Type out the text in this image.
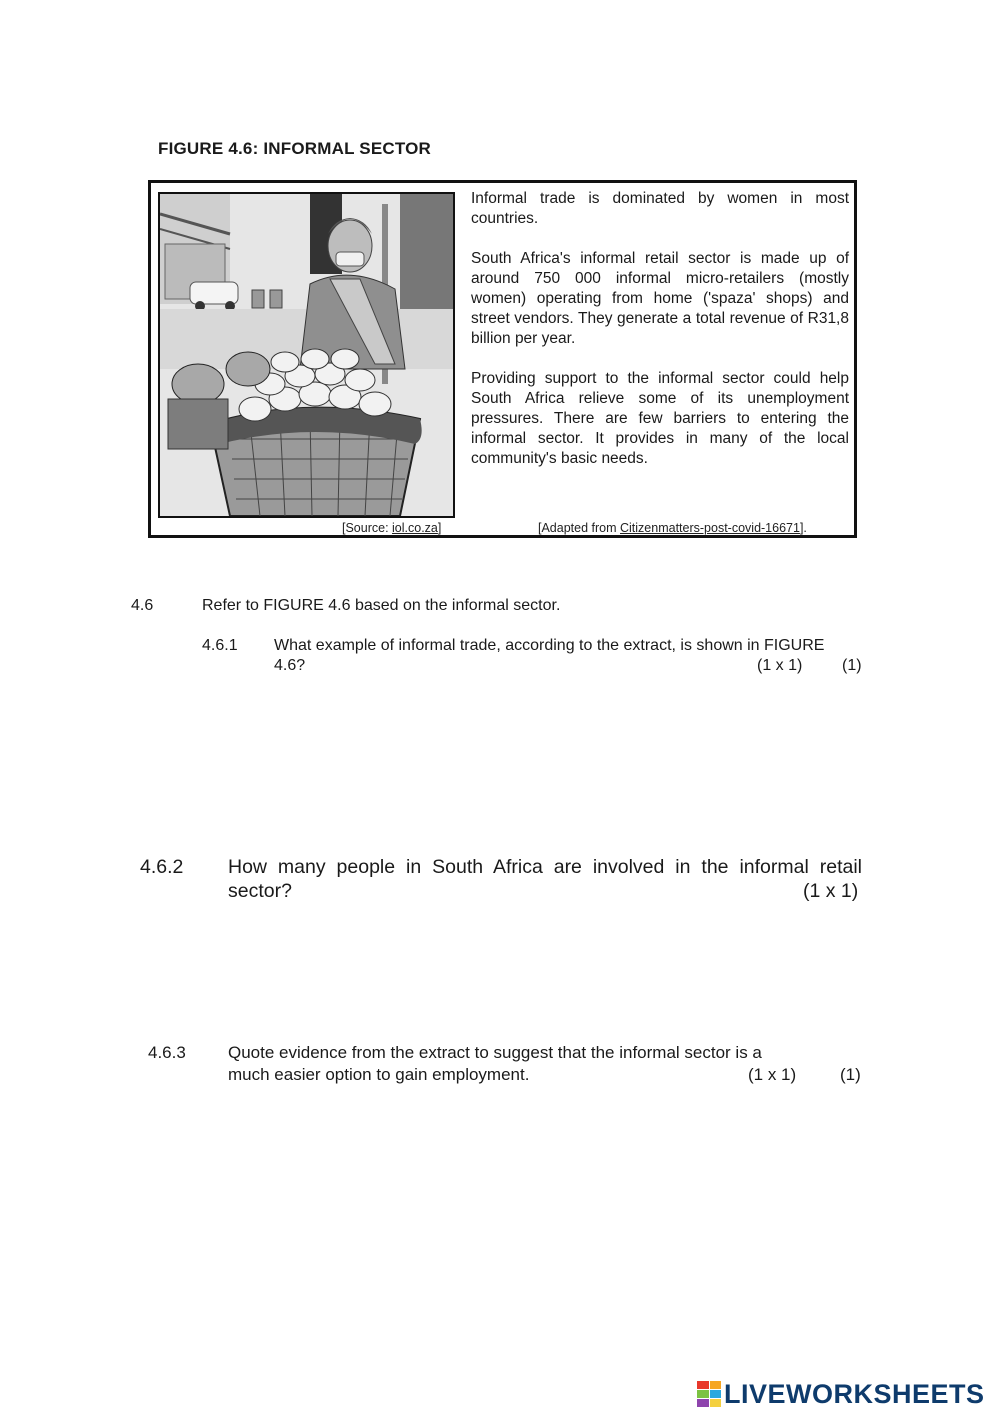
FIGURE 4.6: INFORMAL SECTOR

Informal trade is dominated by women in most countries.

South Africa's informal retail sector is made up of around 750 000 informal micro-retailers (mostly women) operating from home ('spaza' shops) and street vendors. They generate a total revenue of R31,8 billion per year.

Providing support to the informal sector could help South Africa relieve some of its unemployment pressures. There are few barriers to entering the informal sector. It provides in many of the local community's basic needs.

[Source: iol.co.za]	[Adapted from Citizenmatters-post-covid-16671].
4.6	Refer to FIGURE 4.6 based on the informal sector.
4.6.1 What example of informal trade, according to the extract, is shown in FIGURE 4.6?	(1 x 1) (1)
4.6.2 How many people in South Africa are involved in the informal retail sector?	(1 x 1)
4.6.3 Quote evidence from the extract to suggest that the informal sector is a much easier option to gain employment.	(1 x 1)	(1)
LIVEWORKSHEETS
